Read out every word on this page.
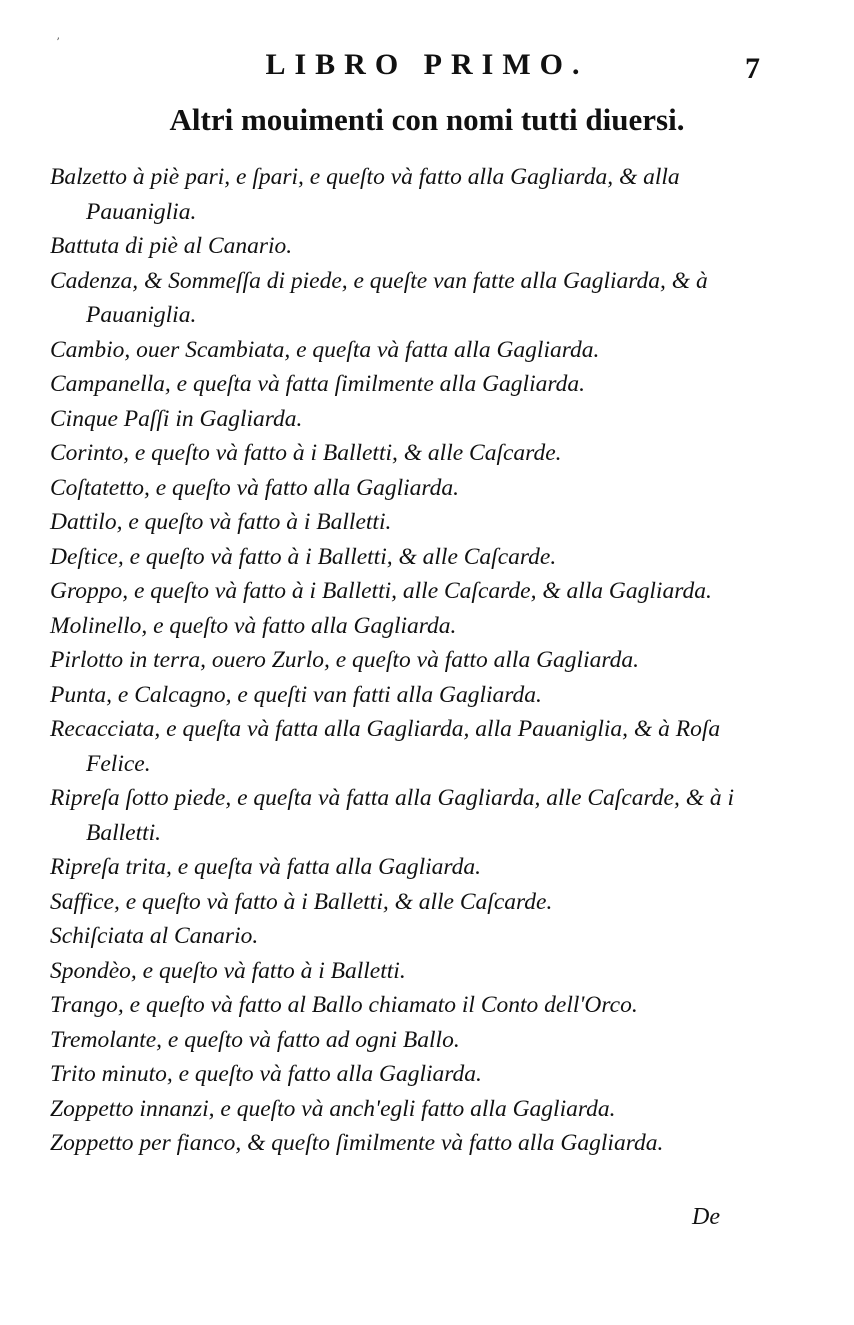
ʼ
LIBRO PRIMO.	7
Altri mouimenti con nomi tutti diuersi.
Balzetto à piè pari, e ſpari, e queſto và fatto alla Gagliarda, & alla Pauaniglia.
Battuta di piè al Canario.
Cadenza, & Sommeſſa di piede, e queſte van fatte alla Gagliarda, & à Pauaniglia.
Cambio, ouer Scambiata, e queſta và fatta alla Gagliarda.
Campanella, e queſta và fatta ſimilmente alla Gagliarda.
Cinque Paſſi in Gagliarda.
Corinto, e queſto và fatto à i Balletti, & alle Caſcarde.
Coſtatetto, e queſto và fatto alla Gagliarda.
Dattilo, e queſto và fatto à i Balletti.
Deſtice, e queſto và fatto à i Balletti, & alle Caſcarde.
Groppo, e queſto và fatto à i Balletti, alle Caſcarde, & alla Gagliarda.
Molinello, e queſto và fatto alla Gagliarda.
Pirlotto in terra, ouero Zurlo, e queſto và fatto alla Gagliarda.
Punta, e Calcagno, e queſti van fatti alla Gagliarda.
Recacciata, e queſta và fatta alla Gagliarda, alla Pauaniglia, & à Roſa Felice.
Ripreſa ſotto piede, e queſta và fatta alla Gagliarda, alle Caſcarde, & à i Balletti.
Ripreſa trita, e queſta và fatta alla Gagliarda.
Saffice, e queſto và fatto à i Balletti, & alle Caſcarde.
Schiſciata al Canario.
Spondèo, e queſto và fatto à i Balletti.
Trango, e queſto và fatto al Ballo chiamato il Conto dell'Orco.
Tremolante, e queſto và fatto ad ogni Ballo.
Trito minuto, e queſto và fatto alla Gagliarda.
Zoppetto innanzi, e queſto và anch'egli fatto alla Gagliarda.
Zoppetto per fianco, & queſto ſimilmente và fatto alla Gagliarda.
De
